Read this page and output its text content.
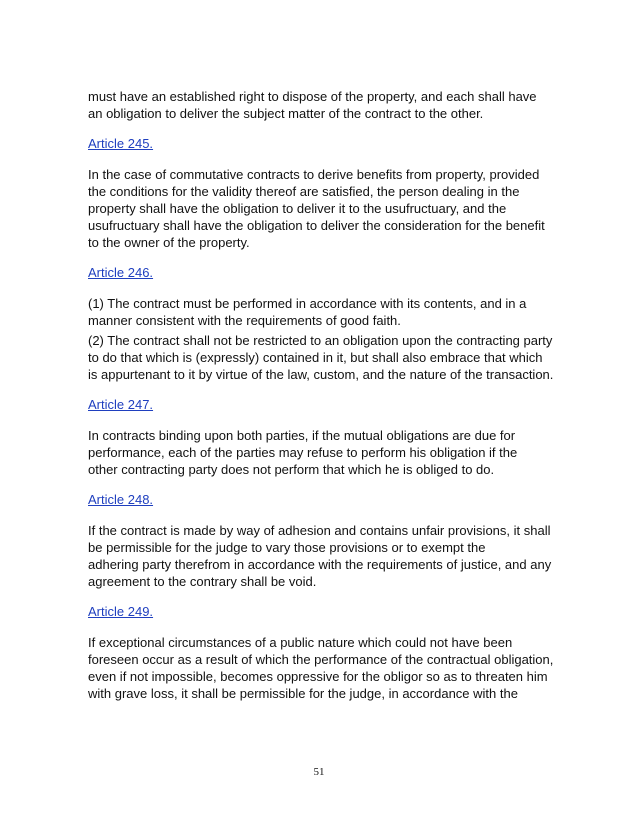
must have an established right to dispose of the property, and each shall have
an obligation to deliver the subject matter of the contract to the other.

Article 245.

In the case of commutative contracts to derive benefits from property, provided
the conditions for the validity thereof are satisfied, the person dealing in the
property shall have the obligation to deliver it to the usufructuary, and the
usufructuary shall have the obligation to deliver the consideration for the benefit
to the owner of the property.

Article 246.

(1) The contract must be performed in accordance with its contents, and in a
manner consistent with the requirements of good faith.

(2) The contract shall not be restricted to an obligation upon the contracting party
to do that which is (expressly) contained in it, but shall also embrace that which
is appurtenant to it by virtue of the law, custom, and the nature of the transaction.

Article 247.

In contracts binding upon both parties, if the mutual obligations are due for
performance, each of the parties may refuse to perform his obligation if the
other contracting party does not perform that which he is obliged to do.

Article 248.

If the contract is made by way of adhesion and contains unfair provisions, it shall
be permissible for the judge to vary those provisions or to exempt the
adhering party therefrom in accordance with the requirements of justice, and any
agreement to the contrary shall be void.

Article 249.

If exceptional circumstances of a public nature which could not have been
foreseen occur as a result of which the performance of the contractual obligation,
even if not impossible, becomes oppressive for the obligor so as to threaten him
with grave loss, it shall be permissible for the judge, in accordance with the

51
